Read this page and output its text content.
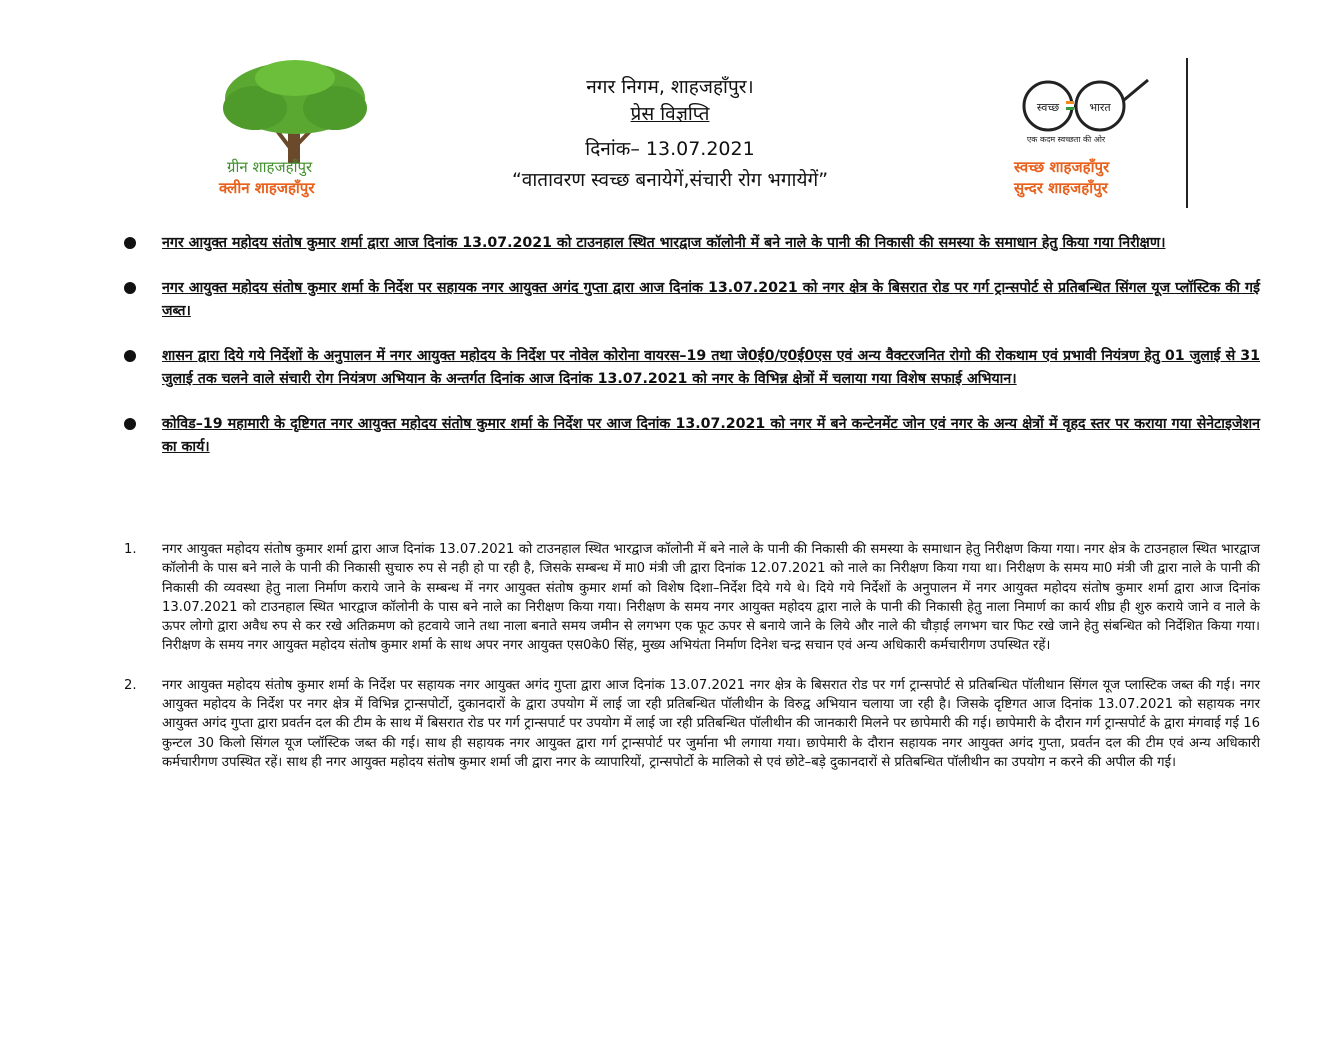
ग्रीन शाहजहाँपुर
क्लीन शाहजहाँपुर
नगर निगम, शाहजहाँपुर।
प्रेस विज्ञप्ति
दिनांक– 13.07.2021
“वातावरण स्वच्छ बनायेगें,संचारी रोग भगायेगें”
स्वच्छ	भारत
एक कदम स्वच्छता की ओर
स्वच्छ शाहजहाँपुर
सुन्दर शाहजहाँपुर
नगर आयुक्त महोदय संतोष कुमार शर्मा द्वारा आज दिनांक 13.07.2021 को टाउनहाल स्थित भारद्वाज कॉलोनी में बने नाले के पानी की निकासी की समस्या के समाधान हेतु किया गया निरीक्षण।
नगर आयुक्त महोदय संतोष कुमार शर्मा के निर्देश पर सहायक नगर आयुक्त अगंद गुप्ता द्वारा आज दिनांक 13.07.2021 को नगर क्षेत्र के बिसरात रोड पर गर्ग ट्रान्सपोर्ट से प्रतिबन्धित सिंगल यूज प्लॉस्टिक की गई जब्त।
शासन द्वारा दिये गये निर्देशों के अनुपालन में नगर आयुक्त महोदय के निर्देश पर नोवेल कोरोना वायरस–19 तथा जे0ई0/ए0ई0एस एवं अन्य वैक्टरजनित रोगो की रोकथाम एवं प्रभावी नियंत्रण हेतु 01 जुलाई से 31 जुलाई तक चलने वाले संचारी रोग नियंत्रण अभियान के अन्तर्गत दिनांक आज दिनांक 13.07.2021 को नगर के विभिन्न क्षेत्रों में चलाया गया विशेष सफाई अभियान।
कोविड–19 महामारी के दृष्टिगत नगर आयुक्त महोदय संतोष कुमार शर्मा के निर्देश पर आज दिनांक 13.07.2021 को नगर में बने कन्टेनमेंट जोन एवं नगर के अन्य क्षेत्रों में वृहद स्तर पर कराया गया सेनेटाइजेशन का कार्य।
1. नगर आयुक्त महोदय संतोष कुमार शर्मा द्वारा आज दिनांक 13.07.2021 को टाउनहाल स्थित भारद्वाज कॉलोनी में बने नाले के पानी की निकासी की समस्या के समाधान हेतु निरीक्षण किया गया। नगर क्षेत्र के टाउनहाल स्थित भारद्वाज कॉलोनी के पास बने नाले के पानी की निकासी सुचारु रुप से नही हो पा रही है, जिसके सम्बन्ध में मा0 मंत्री जी द्वारा दिनांक 12.07.2021 को नाले का निरीक्षण किया गया था। निरीक्षण के समय मा0 मंत्री जी द्वारा नाले के पानी की निकासी की व्यवस्था हेतु नाला निर्माण कराये जाने के सम्बन्ध में नगर आयुक्त संतोष कुमार शर्मा को विशेष दिशा–निर्देश दिये गये थे। दिये गये निर्देशों के अनुपालन में नगर आयुक्त महोदय संतोष कुमार शर्मा द्वारा आज दिनांक 13.07.2021 को टाउनहाल स्थित भारद्वाज कॉलोनी के पास बने नाले का निरीक्षण किया गया। निरीक्षण के समय नगर आयुक्त महोदय द्वारा नाले के पानी की निकासी हेतु नाला निमार्ण का कार्य शीघ्र ही शुरु कराये जाने व नाले के ऊपर लोगो द्वारा अवैध रुप से कर रखे अतिक्रमण को हटवाये जाने तथा नाला बनाते समय जमीन से लगभग एक फूट ऊपर से बनाये जाने के लिये और नाले की चौड़ाई लगभग चार फिट रखे जाने हेतु संबन्धित को निर्देशित किया गया। निरीक्षण के समय नगर आयुक्त महोदय संतोष कुमार शर्मा के साथ अपर नगर आयुक्त एस0के0 सिंह, मुख्य अभियंता निर्माण दिनेश चन्द्र सचान एवं अन्य अधिकारी कर्मचारीगण उपस्थित रहें।
2. नगर आयुक्त महोदय संतोष कुमार शर्मा के निर्देश पर सहायक नगर आयुक्त अगंद गुप्ता द्वारा आज दिनांक 13.07.2021 नगर क्षेत्र के बिसरात रोड पर गर्ग ट्रान्सपोर्ट से प्रतिबन्धित पॉलीथान सिंगल यूज प्लास्टिक जब्त की गई। नगर आयुक्त महोदय के निर्देश पर नगर क्षेत्र में विभिन्न ट्रान्सपोर्टो, दुकानदारों के द्वारा उपयोग में लाई जा रही प्रतिबन्धित पॉलीथीन के विरुद्व अभियान चलाया जा रही है। जिसके दृष्टिगत आज दिनांक 13.07.2021 को सहायक नगर आयुक्त अगंद गुप्ता द्वारा प्रवर्तन दल की टीम के साथ में बिसरात रोड पर गर्ग ट्रान्सपार्ट पर उपयोग में लाई जा रही प्रतिबन्धित पॉलीथीन की जानकारी मिलने पर छापेमारी की गई। छापेमारी के दौरान गर्ग ट्रान्सपोर्ट के द्वारा मंगवाई गई 16 कुन्टल 30 किलो सिंगल यूज प्लॉस्टिक जब्त की गई। साथ ही सहायक नगर आयुक्त द्वारा गर्ग ट्रान्सपोर्ट पर जुर्माना भी लगाया गया। छापेमारी के दौरान सहायक नगर आयुक्त अगंद गुप्ता, प्रवर्तन दल की टीम एवं अन्य अधिकारी कर्मचारीगण उपस्थित रहें। साथ ही नगर आयुक्त महोदय संतोष कुमार शर्मा जी द्वारा नगर के व्यापारियों, ट्रान्सपोर्टो के मालिको से एवं छोटे–बड़े दुकानदारों से प्रतिबन्धित पॉलीथीन का उपयोग न करने की अपील की गई।
